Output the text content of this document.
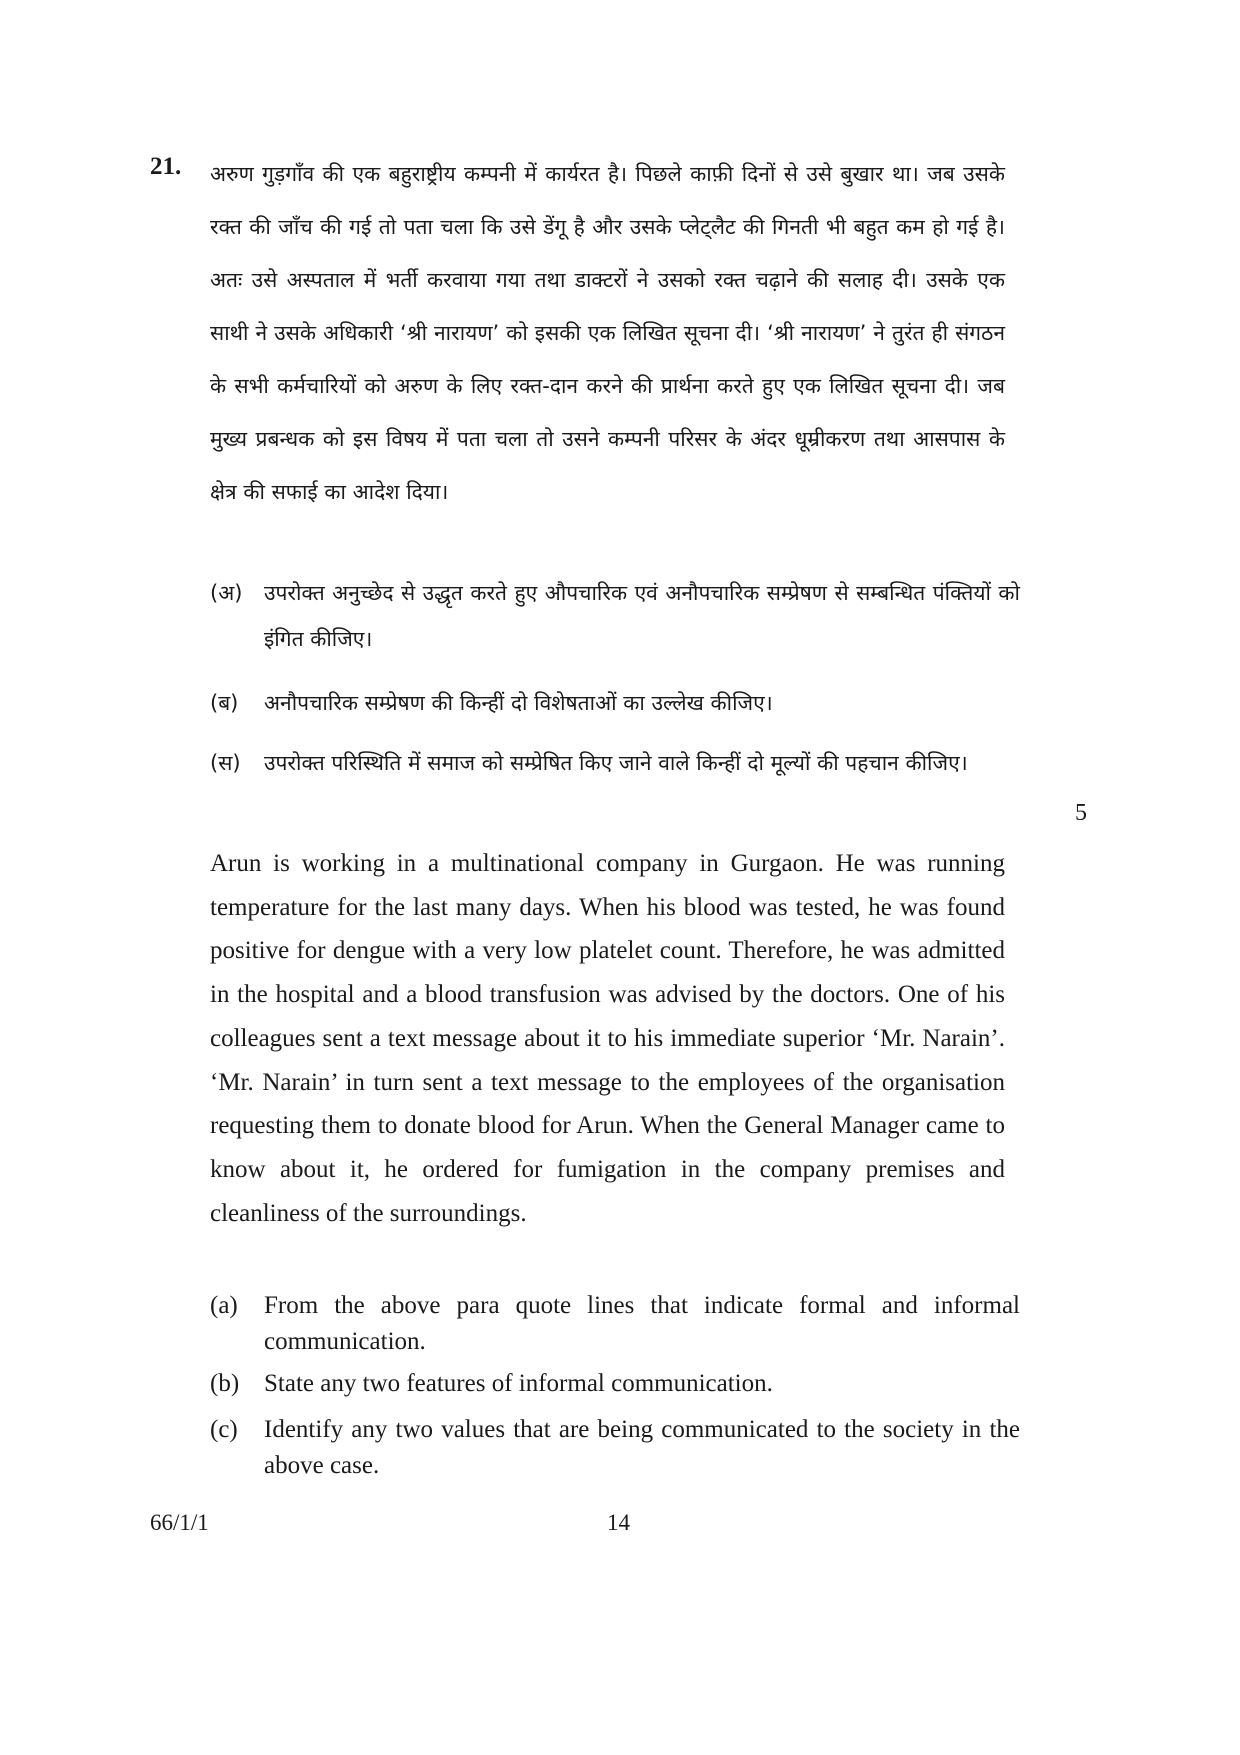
21. अरुण गुड़गाँव की एक बहुराष्ट्रीय कम्पनी में कार्यरत है। पिछले काफ़ी दिनों से उसे बुखार था। जब उसके रक्त की जाँच की गई तो पता चला कि उसे डेंगू है और उसके प्लेट्लैट की गिनती भी बहुत कम हो गई है। अतः उसे अस्पताल में भर्ती करवाया गया तथा डाक्टरों ने उसको रक्त चढ़ाने की सलाह दी। उसके एक साथी ने उसके अधिकारी ‘श्री नारायण’ को इसकी एक लिखित सूचना दी। ‘श्री नारायण’ ने तुरंत ही संगठन के सभी कर्मचारियों को अरुण के लिए रक्त-दान करने की प्रार्थना करते हुए एक लिखित सूचना दी। जब मुख्य प्रबन्धक को इस विषय में पता चला तो उसने कम्पनी परिसर के अंदर धूम्रीकरण तथा आसपास के क्षेत्र की सफाई का आदेश दिया।
(अ)	उपरोक्त अनुच्छेद से उद्धृत करते हुए औपचारिक एवं अनौपचारिक सम्प्रेषण से सम्बन्धित पंक्तियों को इंगित कीजिए।
(ब)	अनौपचारिक सम्प्रेषण की किन्हीं दो विशेषताओं का उल्लेख कीजिए।
(स)	उपरोक्त परिस्थिति में समाज को सम्प्रेषित किए जाने वाले किन्हीं दो मूल्यों की पहचान कीजिए।
5
Arun is working in a multinational company in Gurgaon. He was running temperature for the last many days. When his blood was tested, he was found positive for dengue with a very low platelet count. Therefore, he was admitted in the hospital and a blood transfusion was advised by the doctors. One of his colleagues sent a text message about it to his immediate superior ‘Mr. Narain’. ‘Mr. Narain’ in turn sent a text message to the employees of the organisation requesting them to donate blood for Arun. When the General Manager came to know about it, he ordered for fumigation in the company premises and cleanliness of the surroundings.
(a)	From the above para quote lines that indicate formal and informal communication.
(b) State any two features of informal communication.
(c)	Identify any two values that are being communicated to the society in the above case.
66/1/1	14
